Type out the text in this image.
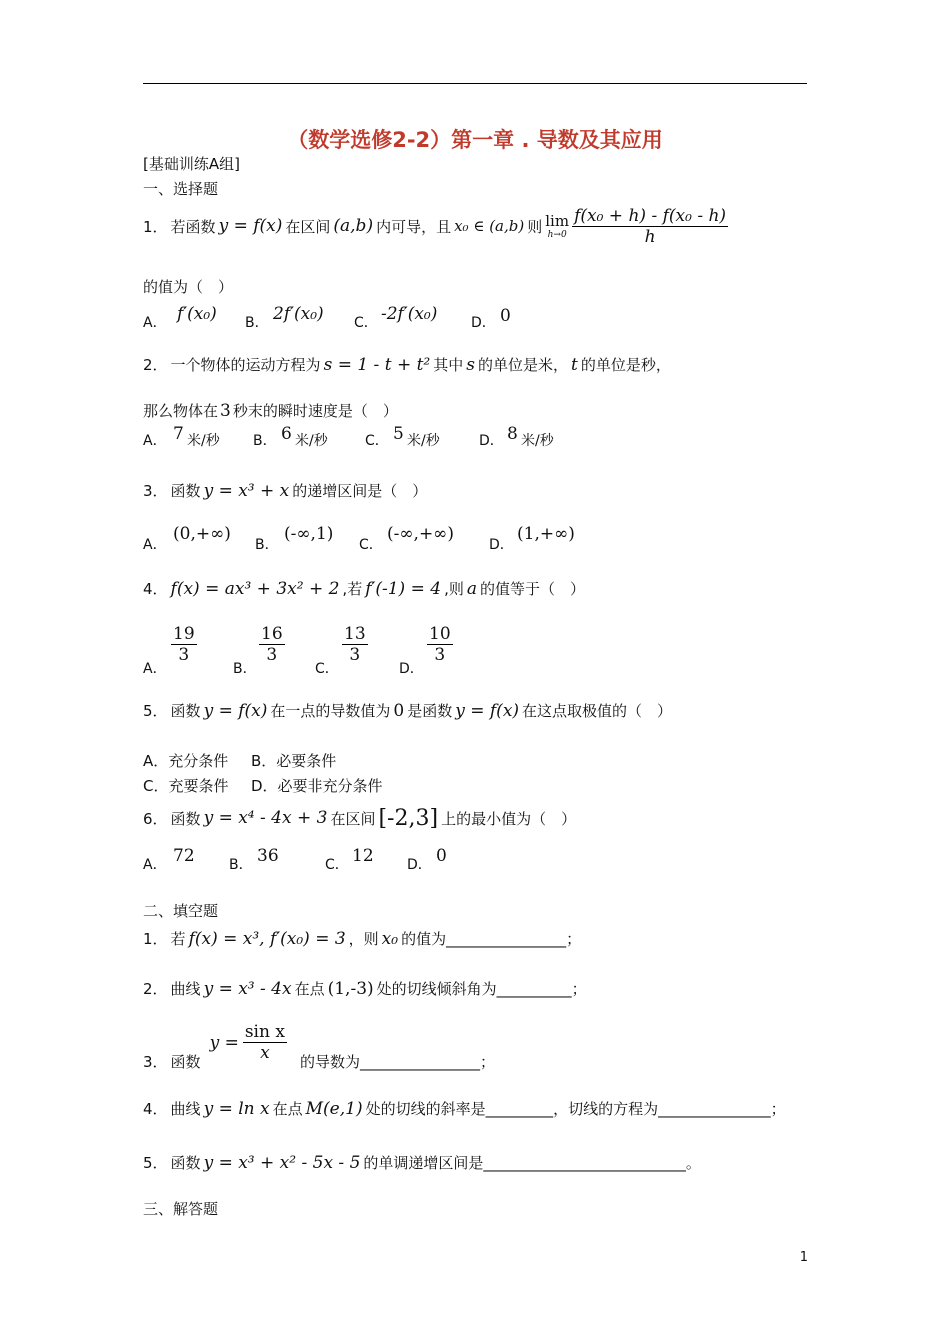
（数学选修2-2）第一章 . 导数及其应用
[基础训练A组]
一、选择题
1． 若函数 y = f(x) 在区间 (a,b) 内可导，且 x₀ ∈ (a,b) 则 lim
$h\to 0 \frac{\text{f(x₀ + h) - f(x₀ - h)}}{h}$
的值为（　）
A． f′(x₀) B． 2f′(x₀) C． -2f′(x₀) D． 0
2． 一个物体的运动方程为 s = 1 - t + t² 其中 s 的单位是米， t 的单位是秒，
那么物体在 3 秒末的瞬时速度是（　）
A． 7 米/秒 B． 6 米/秒	C． 5 米/秒	D． 8 米/秒
3． 函数 y = x³ + x 的递增区间是（　）
A．
(0,+∞)
B．
(-∞,1)
C．
(-∞,+∞)
D．
(1,+∞)
4． f(x) = ax³ + 3x² + 2 ,若 f′(-1) = 4 ,则 a 的值等于（　）
A．
$\frac{19}{3}$
B．
$\frac{16}{3}$
C．
$\frac{13}{3}$
D．
$\frac{10}{3}$
5． 函数 y = f(x) 在一点的导数值为 0 是函数 y = f(x) 在这点取极值的（　）
A．充分条件 B．必要条件
C．充要条件 D．必要非充分条件
6． 函数 y = x⁴ - 4x + 3 在区间 [-2,3] 上的最小值为（　）
A． 72 B． 36	C． 12 D． 0
二、填空题
1． 若 f(x) = x³, f′(x₀) = 3 ，则 x₀ 的值为________________；
2． 曲线 y = x³ - 4x 在点 (1,-3) 处的切线倾斜角为__________；
3． 函数
$y = \frac{\text{sin x}}{x}$ 的导数为________________；
4． 曲线 y = ln x 在点 M(e,1) 处的切线的斜率是_________，切线的方程为_______________；
5． 函数 y = x³ + x² - 5x - 5 的单调递增区间是___________________________。
三、解答题
1
